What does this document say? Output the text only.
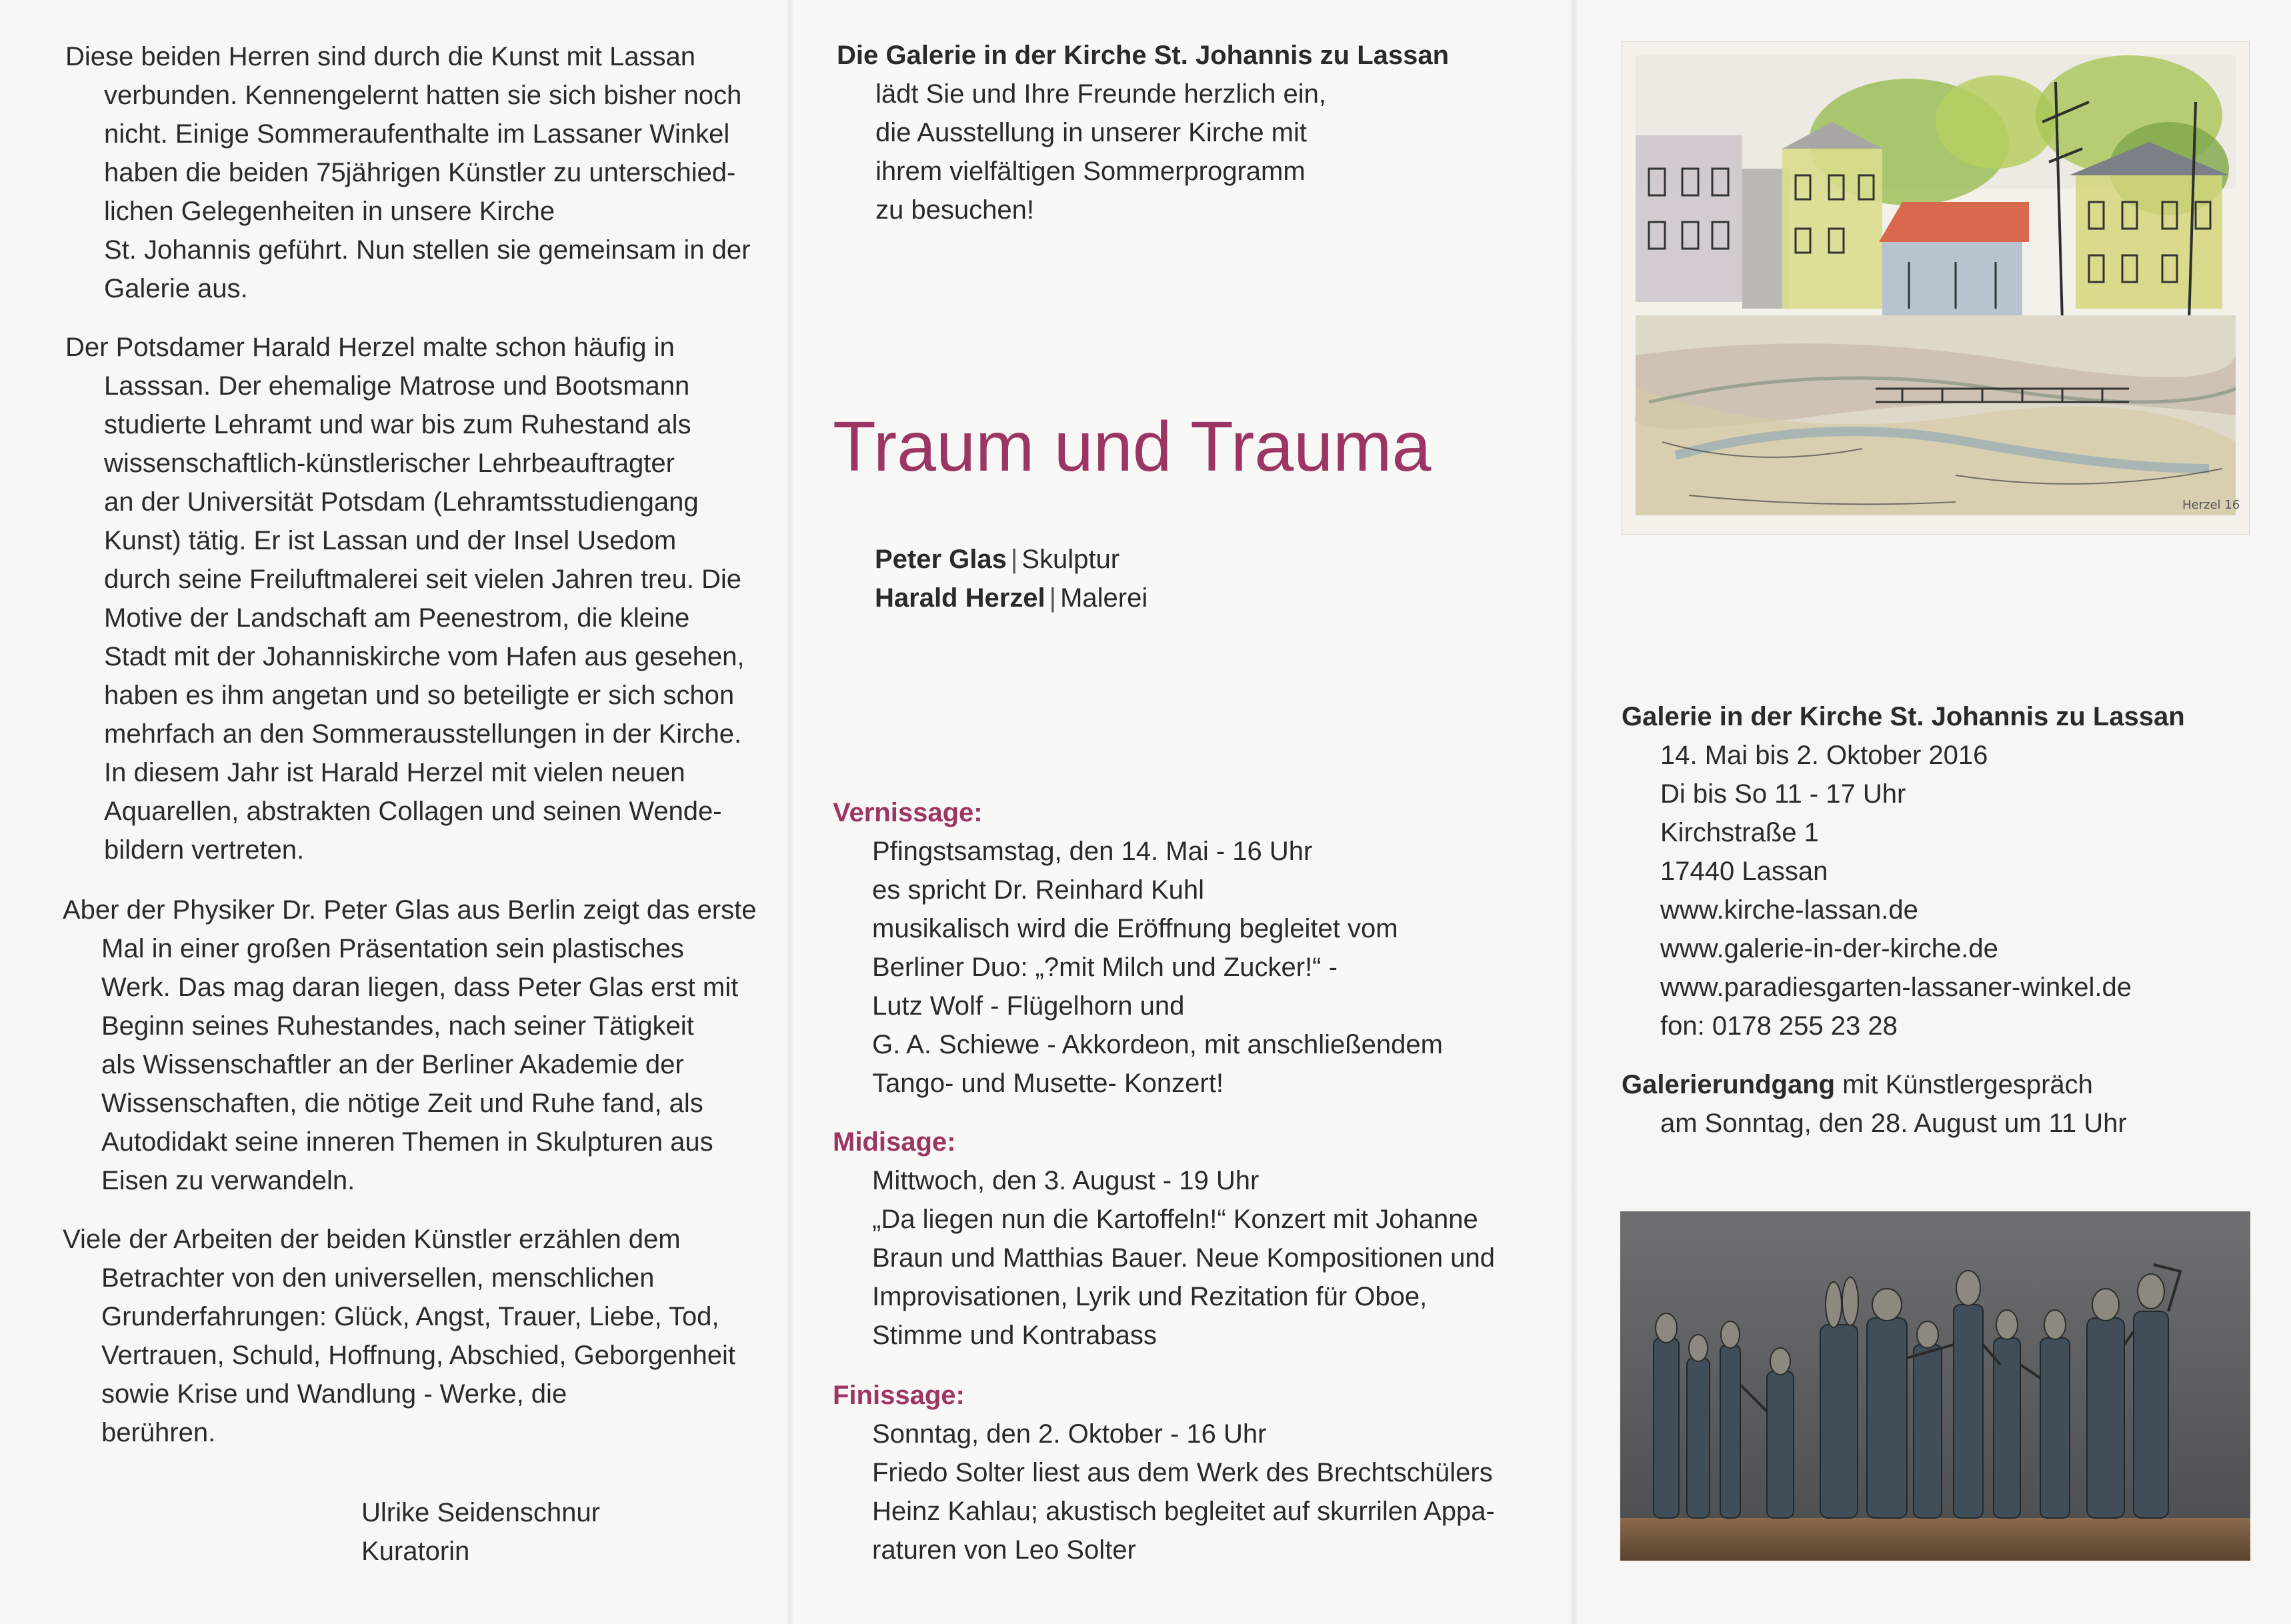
Diese beiden Herren sind durch die Kunst mit Lassan
verbunden. Kennengelernt hatten sie sich bisher noch
nicht. Einige Sommeraufenthalte im Lassaner Winkel
haben die beiden 75jährigen Künstler zu unterschied-
lichen Gelegenheiten in unsere Kirche
St. Johannis geführt. Nun stellen sie gemeinsam in der
Galerie aus.

Der Potsdamer Harald Herzel malte schon häufig in
Lasssan. Der ehemalige Matrose und Bootsmann
studierte Lehramt und war bis zum Ruhestand als
wissenschaftlich-künstlerischer Lehrbeauftragter
an der Universität Potsdam (Lehramtsstudiengang
Kunst) tätig. Er ist Lassan und der Insel Usedom
durch seine Freiluftmalerei seit vielen Jahren treu. Die
Motive der Landschaft am Peenestrom, die kleine
Stadt mit der Johanniskirche vom Hafen aus gesehen,
haben es ihm angetan und so beteiligte er sich schon
mehrfach an den Sommerausstellungen in der Kirche.
In diesem Jahr ist Harald Herzel mit vielen neuen
Aquarellen, abstrakten Collagen und seinen Wende-
bildern vertreten.

Aber der Physiker Dr. Peter Glas aus Berlin zeigt das erste
Mal in einer großen Präsentation sein plastisches
Werk. Das mag daran liegen, dass Peter Glas erst mit
Beginn seines Ruhestandes, nach seiner Tätigkeit
als Wissenschaftler an der Berliner Akademie der
Wissenschaften, die nötige Zeit und Ruhe fand, als
Autodidakt seine inneren Themen in Skulpturen aus
Eisen zu verwandeln.

Viele der Arbeiten der beiden Künstler erzählen dem
Betrachter von den universellen, menschlichen
Grunderfahrungen: Glück, Angst, Trauer, Liebe, Tod,
Vertrauen, Schuld, Hoffnung, Abschied, Geborgenheit
sowie Krise und Wandlung - Werke, die
berühren.

Ulrike Seidenschnur
Kuratorin
Die Galerie in der Kirche St. Johannis zu Lassan
lädt Sie und Ihre Freunde herzlich ein,
die Ausstellung in unserer Kirche mit
ihrem vielfältigen Sommerprogramm
zu besuchen!
Traum und Trauma
Peter Glas | Skulptur
Harald Herzel | Malerei
Vernissage:
Pfingstsamstag, den 14. Mai - 16 Uhr
es spricht Dr. Reinhard Kuhl
musikalisch wird die Eröffnung begleitet vom
Berliner Duo: „?mit Milch und Zucker!“ -
Lutz Wolf - Flügelhorn und
G. A. Schiewe - Akkordeon, mit anschließendem
Tango- und Musette- Konzert!
Midisage:
Mittwoch, den 3. August - 19 Uhr
„Da liegen nun die Kartoffeln!“ Konzert mit Johanne
Braun und Matthias Bauer. Neue Kompositionen und
Improvisationen, Lyrik und Rezitation für Oboe,
Stimme und Kontrabass
Finissage:
Sonntag, den 2. Oktober - 16 Uhr
Friedo Solter liest aus dem Werk des Brechtschülers
Heinz Kahlau; akustisch begleitet auf skurrilen Appa-
raturen von Leo Solter
Herzel 16
Galerie in der Kirche St. Johannis zu Lassan
14. Mai bis 2. Oktober 2016
Di bis So 11 - 17 Uhr
Kirchstraße 1
17440 Lassan
www.kirche-lassan.de
www.galerie-in-der-kirche.de
www.paradiesgarten-lassaner-winkel.de
fon: 0178 255 23 28
Galerierundgang mit Künstlergespräch
am Sonntag, den 28. August um 11 Uhr
